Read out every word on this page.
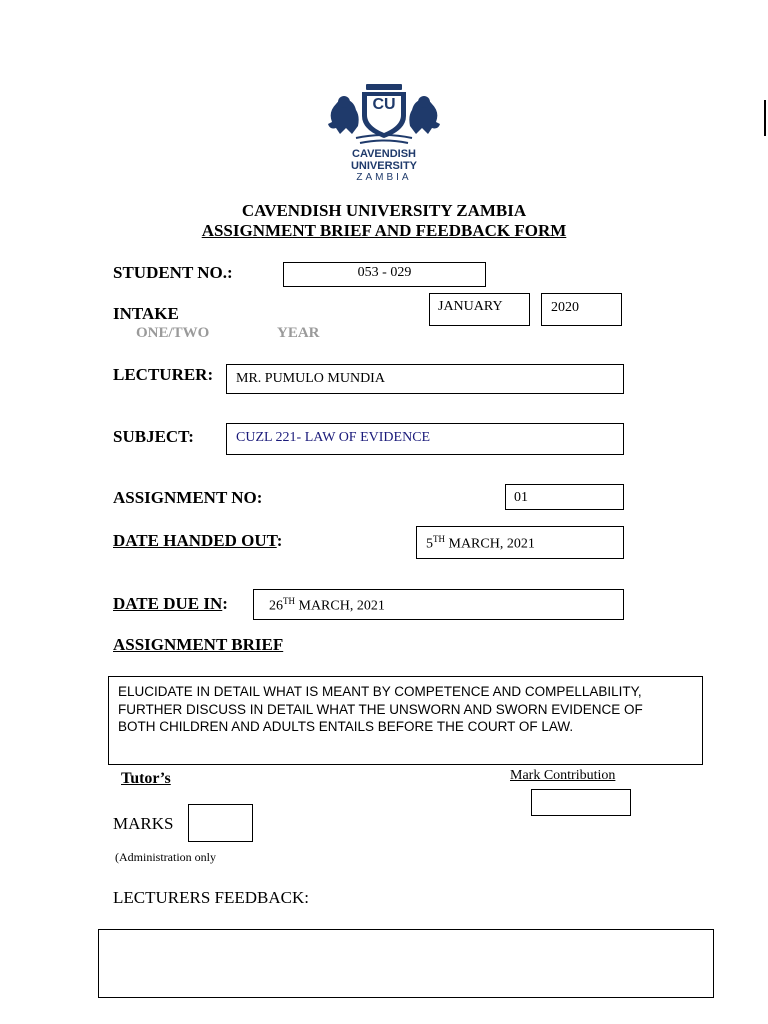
CU
CAVENDISH
UNIVERSITY
ZAMBIA
CAVENDISH UNIVERSITY ZAMBIA
ASSIGNMENT BRIEF AND FEEDBACK FORM
STUDENT NO.:	053 - 029
INTAKE
ONE/TWO	YEAR
JANUARY	2020
LECTURER: MR. PUMULO MUNDIA
SUBJECT:	CUZL 221- LAW OF EVIDENCE
ASSIGNMENT NO:	01
DATE HANDED OUT:	5TH MARCH, 2021
DATE DUE IN:	26TH MARCH, 2021
ASSIGNMENT BRIEF
ELUCIDATE IN DETAIL WHAT IS MEANT BY COMPETENCE AND COMPELLABILITY, FURTHER DISCUSS IN DETAIL WHAT THE UNSWORN AND SWORN EVIDENCE OF BOTH CHILDREN AND ADULTS ENTAILS BEFORE THE COURT OF LAW.
Tutor’s	Mark Contribution
MARKS
(Administration only
LECTURERS FEEDBACK:
